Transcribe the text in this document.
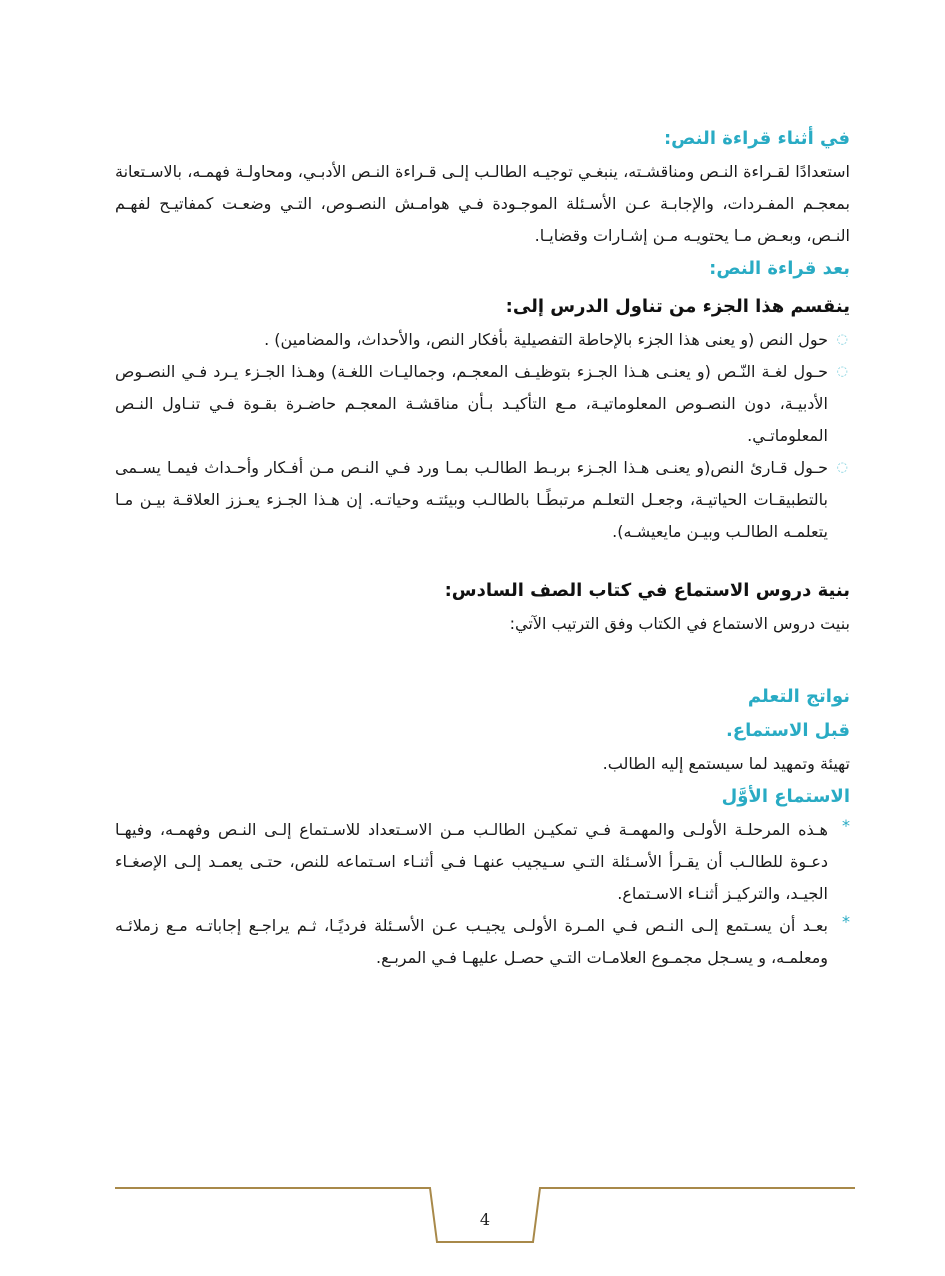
في أثناء قراءة النص:

استعدادًا لقـراءة النـص ومناقشـته، ينبغـي توجيـه الطالـب إلـى قـراءة النـص الأدبـي، ومحاولـة فهمـه، بالاسـتعانة بمعجـم المفـردات، والإجابـة عـن الأسـئلة الموجـودة فـي هوامـش النصـوص، التـي وضعـت كمفاتيـح لفهـم النـص، وبعـض مـا يحتويـه مـن إشـارات وقضايـا.

بعد قراءة النص:
ينقسم هذا الجزء من تناول الدرس إلى:
◌
حول النص (و يعنى هذا الجزء بالإحاطة التفصيلية بأفكار النص، والأحداث، والمضامين) .
◌
حـول لغـة النّـص (و يعنـى هـذا الجـزء بتوظيـف المعجـم، وجماليـات اللغـة) وهـذا الجـزء يـرد فـي النصـوص الأدبيـة، دون النصـوص المعلوماتيـة، مـع التأكيـد بـأن مناقشـة المعجـم حاضـرة بقـوة فـي تنـاول النـص المعلوماتـي.
◌
حـول قـارئ النص(و يعنـى هـذا الجـزء بربـط الطالـب بمـا ورد فـي النـص مـن أفـكار وأحـداث فيمـا يسـمى بالتطبيقـات الحياتيـة، وجعـل التعلـم مرتبطًـا بالطالـب وبيئتـه وحياتـه. إن هـذا الجـزء يعـزز العلاقـة بيـن مـا يتعلمـه الطالـب وبيـن مايعيشـه).
بنية دروس الاستماع في كتاب الصف السادس:

بنيت دروس الاستماع في الكتاب وفق الترتيب الآتي:

نواتج التعلم
قبل الاستماع.

تهيئة وتمهيد لما سيستمع إليه الطالب.

الاستماع الأوَّل
*
هـذه المرحلـة الأولـى والمهمـة فـي تمكيـن الطالـب مـن الاسـتعداد للاسـتماع إلـى النـص وفهمـه، وفيهـا دعـوة للطالـب أن يقـرأ الأسـئلة التـي سـيجيب عنهـا فـي أثنـاء اسـتماعه للنص، حتـى يعمـد إلـى الإصغـاء الجيـد، والتركيـز أثنـاء الاسـتماع.
*
بعـد أن يسـتمع إلـى النـص فـي المـرة الأولـى يجيـب عـن الأسـئلة فرديًـا، ثـم يراجـع إجاباتـه مـع زملائـه ومعلمـه، و يسـجل مجمـوع العلامـات التـي حصـل عليهـا فـي المربـع.
4
